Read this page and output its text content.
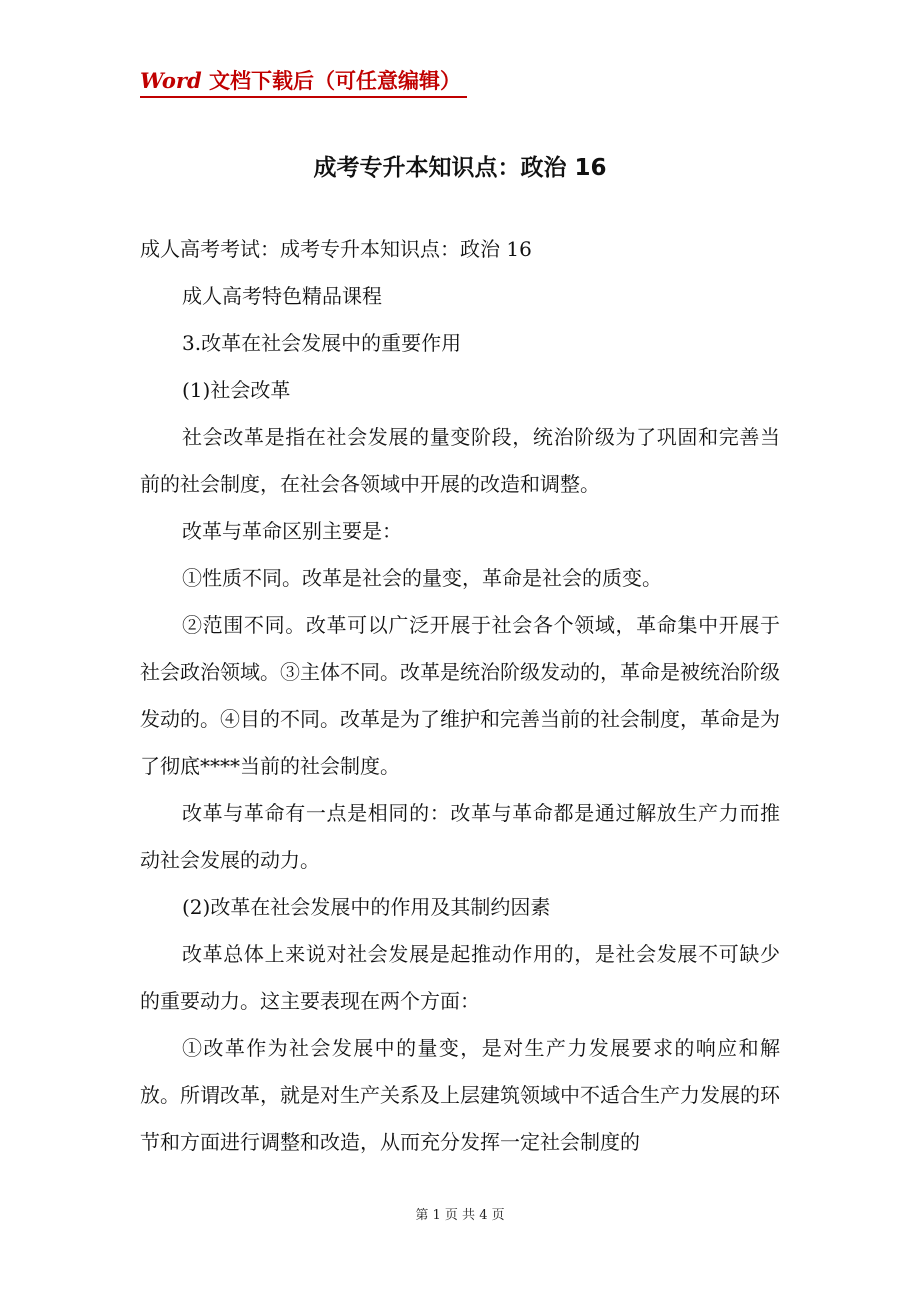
Word 文档下载后（可任意编辑）
成考专升本知识点：政治 16

成人高考考试：成考专升本知识点：政治 16

成人高考特色精品课程

3.改革在社会发展中的重要作用

(1)社会改革

社会改革是指在社会发展的量变阶段，统治阶级为了巩固和完善当前的社会制度，在社会各领域中开展的改造和调整。

改革与革命区别主要是：

①性质不同。改革是社会的量变，革命是社会的质变。

②范围不同。改革可以广泛开展于社会各个领域，革命集中开展于社会政治领域。③主体不同。改革是统治阶级发动的，革命是被统治阶级发动的。④目的不同。改革是为了维护和完善当前的社会制度，革命是为了彻底****当前的社会制度。

改革与革命有一点是相同的：改革与革命都是通过解放生产力而推动社会发展的动力。

(2)改革在社会发展中的作用及其制约因素

改革总体上来说对社会发展是起推动作用的，是社会发展不可缺少的重要动力。这主要表现在两个方面：

①改革作为社会发展中的量变，是对生产力发展要求的响应和解放。所谓改革，就是对生产关系及上层建筑领域中不适合生产力发展的环节和方面进行调整和改造，从而充分发挥一定社会制度的

第 1 页 共 4 页
